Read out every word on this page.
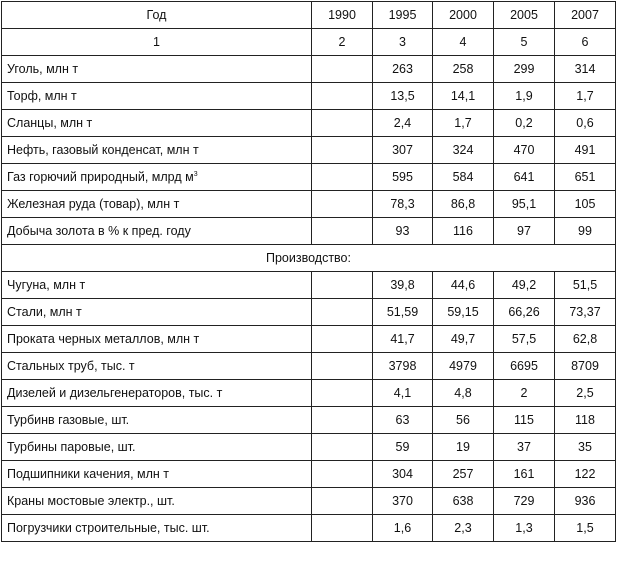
Год	1990	1995	2000	2005	2007
1	2	3	4	5	6
Уголь, млн т		263	258	299	314
Торф, млн т		13,5	14,1	1,9	1,7
Сланцы, млн т		2,4	1,7	0,2	0,6
Нефть, газовый конденсат, млн т		307	324	470	491
Газ горючий природный, млрд $м^3$		595	584	641	651
Железная руда (товар), млн т		78,3	86,8	95,1	105
Добыча золота в % к пред. году		93	116	97	99
Производство:					
Чугуна, млн т		39,8	44,6	49,2	51,5
Стали, млн т		51,59	59,15	66,26	73,37
Проката черных металлов, млн т		41,7	49,7	57,5	62,8
Стальных труб, тыс. т		3798	4979	6695	8709
Дизелей и дизельгенераторов, тыс. т		4,1	4,8	2	2,5
Турбинв газовые, шт.		63	56	115	118
Турбины паровые, шт.		59	19	37	35
Подшипники качения, млн т		304	257	161	122
Краны мостовые электр., шт.		370	638	729	936
Погрузчики строительные, тыс. шт.		1,6	2,3	1,3	1,5
